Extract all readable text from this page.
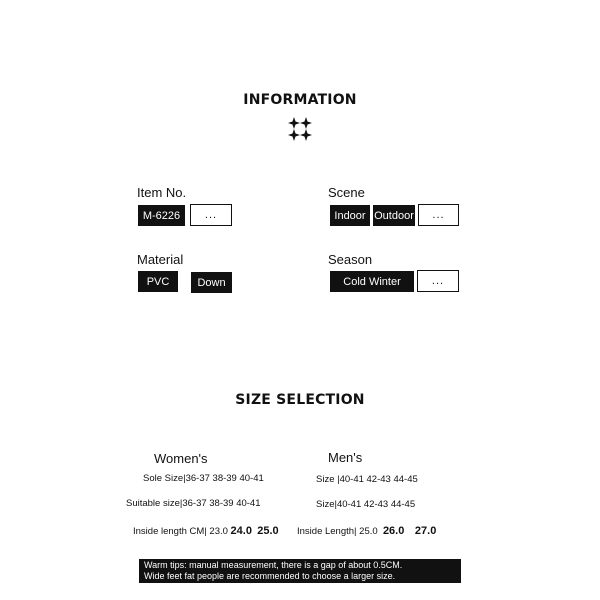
INFORMATION
Item No.
M-6226	...
Scene
Indoor Outdoor	...
Material
PVC	Down
Season
Cold Winter	...
SIZE SELECTION
Women's	Men's
Sole Size|36-37 38-39 40-41	Size |40-41 42-43 44-45
Suitable size|36-37 38-39 40-41	Size|40-41 42-43 44-45
Inside length CM| 23.0 24.0 25.0 Inside Length| 25.0 26.0 27.0
Warm tips: manual measurement, there is a gap of about 0.5CM.
Wide feet fat people are recommended to choose a larger size.
